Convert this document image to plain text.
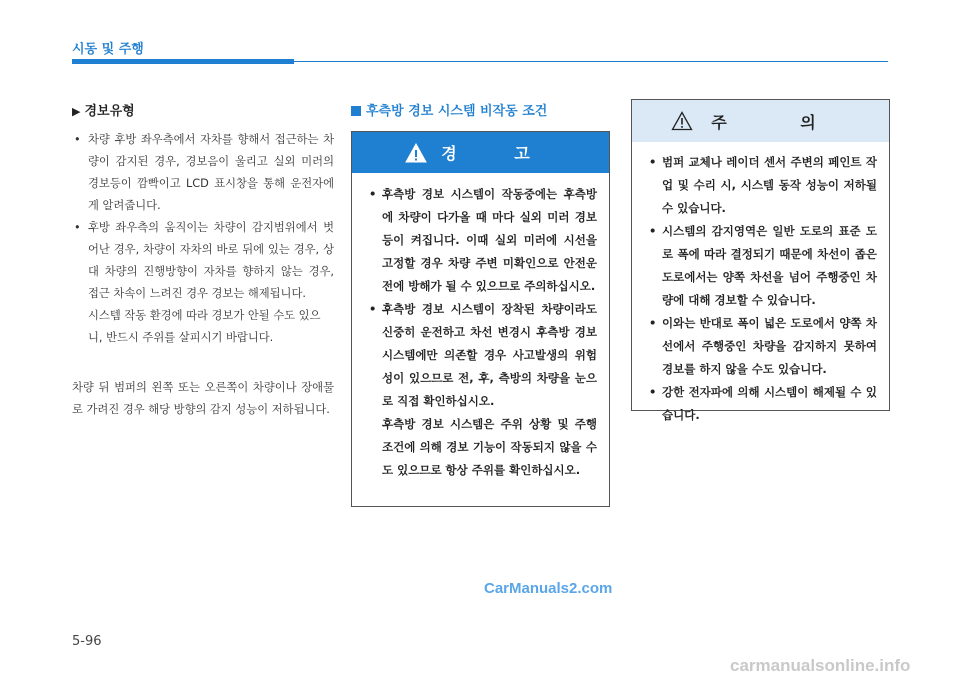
시동 및 주행
▶ 경보유형
• 차량 후방 좌우측에서 자차를 향해서 접근하는 차량이 감지된 경우, 경보음이 울리고 실외 미러의 경보등이 깜빡이고 LCD 표시창을 통해 운전자에게 알려줍니다.
• 후방 좌우측의 움직이는 차량이 감지범위에서 벗어난 경우, 차량이 자차의 바로 뒤에 있는 경우, 상대 차량의 진행방향이 자차를 향하지 않는 경우, 접근 차속이 느려진 경우 경보는 해제됩니다.
시스템 작동 환경에 따라 경보가 안될 수도 있으니, 반드시 주위를 살피시기 바랍니다.
차량 뒤 범퍼의 왼쪽 또는 오른쪽이 차량이나 장애물로 가려진 경우 해당 방향의 감지 성능이 저하됩니다.
후측방 경보 시스템 비작동 조건
경 고
• 후측방 경보 시스템이 작동중에는 후측방에 차량이 다가올 때 마다 실외 미러 경보등이 켜집니다. 이때 실외 미러에 시선을 고정할 경우 차량 주변 미확인으로 안전운전에 방해가 될 수 있으므로 주의하십시오.
• 후측방 경보 시스템이 장착된 차량이라도 신중히 운전하고 차선 변경시 후측방 경보 시스템에만 의존할 경우 사고발생의 위험성이 있으므로 전, 후, 측방의 차량을 눈으로 직접 확인하십시오.
후측방 경보 시스템은 주위 상황 및 주행 조건에 의해 경보 기능이 작동되지 않을 수도 있으므로 항상 주위를 확인하십시오.
주 의
• 범퍼 교체나 레이더 센서 주변의 페인트 작업 및 수리 시, 시스템 동작 성능이 저하될 수 있습니다.
• 시스템의 감지영역은 일반 도로의 표준 도로 폭에 따라 결정되기 때문에 차선이 좁은 도로에서는 양쪽 차선을 넘어 주행중인 차량에 대해 경보할 수 있습니다.
• 이와는 반대로 폭이 넓은 도로에서 양쪽 차선에서 주행중인 차량을 감지하지 못하여 경보를 하지 않을 수도 있습니다.
• 강한 전자파에 의해 시스템이 해제될 수 있습니다.
CarManuals2.com
5-96
carmanualsonline.info
